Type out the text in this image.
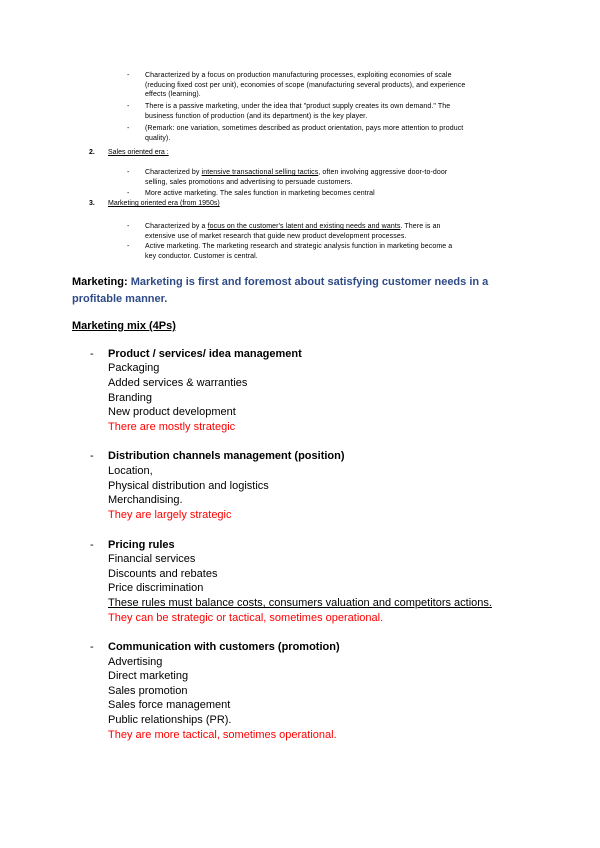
- Characterized by a focus on production manufacturing processes, exploiting economies of scale
(reducing fixed cost per unit), economies of scope (manufacturing several products), and experience
effects (learning).
- There is a passive marketing, under the idea that "product supply creates its own demand." The
business function of production (and its department) is the key player.
- (Remark: one variation, sometimes described as product orientation, pays more attention to product
quality).
2. Sales oriented era :
- Characterized by intensive transactional selling tactics, often involving aggressive door-to-door
selling, sales promotions and advertising to persuade customers.
- More active marketing. The sales function in marketing becomes central
3. Marketing oriented era (from 1950s)
- Characterized by a focus on the customer's latent and existing needs and wants. There is an
extensive use of market research that guide new product development processes.
- Active marketing. The marketing research and strategic analysis function in marketing become a
key conductor. Customer is central.
Marketing: Marketing is first and foremost about satisfying customer needs in a
profitable manner.
Marketing mix (4Ps)
- Product / services/ idea management
Packaging
Added services & warranties
Branding
New product development
There are mostly strategic
- Distribution channels management (position)
Location,
Physical distribution and logistics
Merchandising.
They are largely strategic
- Pricing rules
Financial services
Discounts and rebates
Price discrimination
These rules must balance costs, consumers valuation and competitors actions.
They can be strategic or tactical, sometimes operational.
- Communication with customers (promotion)
Advertising
Direct marketing
Sales promotion
Sales force management
Public relationships (PR).
They are more tactical, sometimes operational.
